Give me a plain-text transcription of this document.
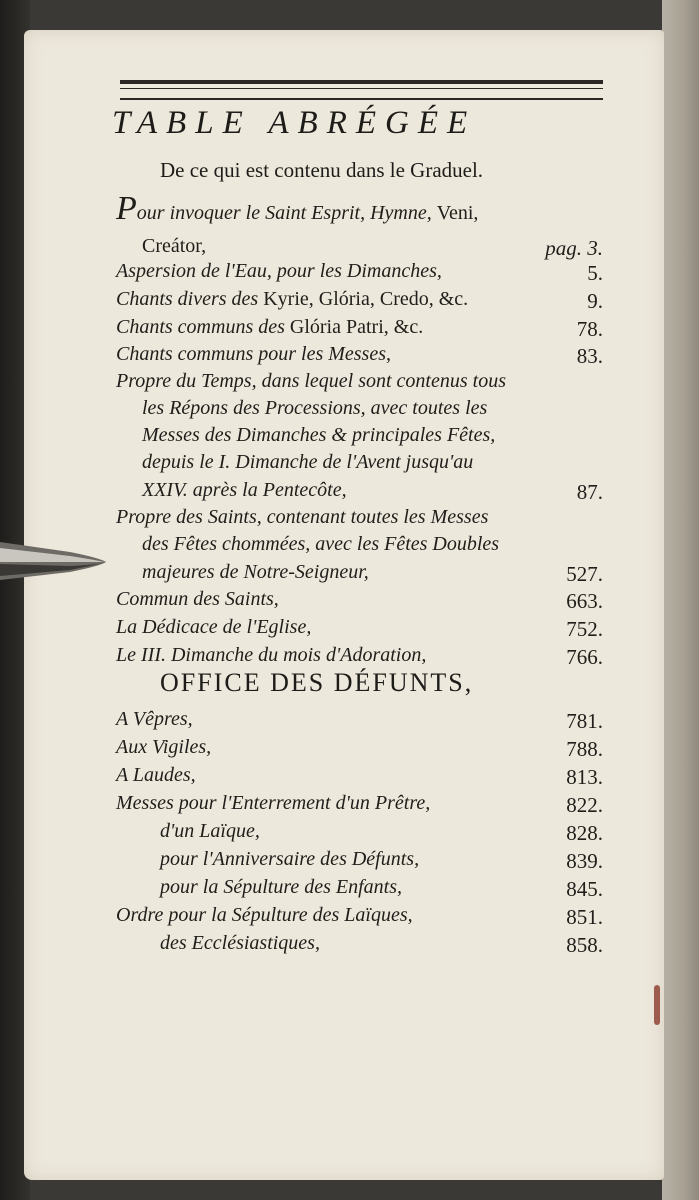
TABLE ABRÉGÉE
De ce qui est contenu dans le Graduel.
Pour invoquer le Saint Esprit, Hymne, Veni,
Creátor,	pag. 3.
Aspersion de l'Eau, pour les Dimanches,	5.
Chants divers des Kyrie, Glória, Credo, &c.	9.
Chants communs des Glória Patri, &c.	78.
Chants communs pour les Messes,	83.
Propre du Temps, dans lequel sont contenus tous
les Répons des Processions, avec toutes les
Messes des Dimanches & principales Fêtes,
depuis le I. Dimanche de l'Avent jusqu'au
XXIV. après la Pentecôte,	87.
Propre des Saints, contenant toutes les Messes
des Fêtes chommées, avec les Fêtes Doubles
majeures de Notre-Seigneur,	527.
Commun des Saints,	663.
La Dédicace de l'Eglise,	752.
Le III. Dimanche du mois d'Adoration,	766.
OFFICE DES DÉFUNTS,
A Vêpres,	781.
Aux Vigiles,	788.
A Laudes,	813.
Messes pour l'Enterrement d'un Prêtre,	822.
d'un Laïque,	828.
pour l'Anniversaire des Défunts,	839.
pour la Sépulture des Enfants,	845.
Ordre pour la Sépulture des Laïques,	851.
des Ecclésiastiques,	858.
